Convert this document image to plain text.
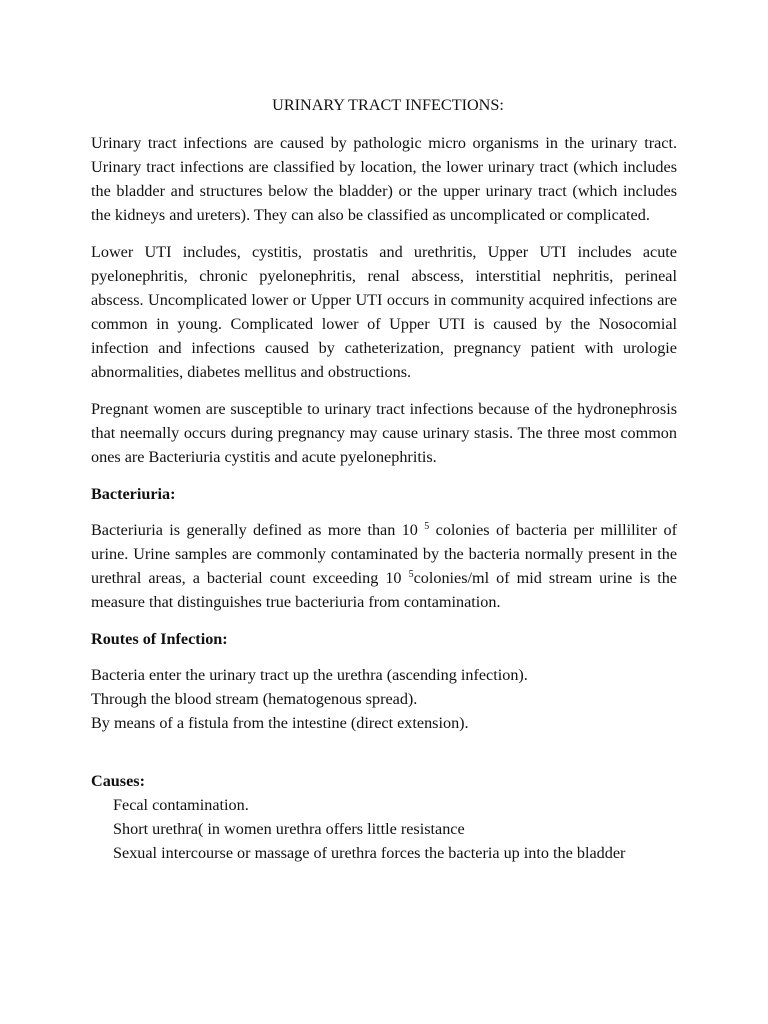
URINARY TRACT INFECTIONS:

Urinary tract infections are caused by pathologic micro organisms in the urinary tract. Urinary tract infections are classified by location, the lower urinary tract (which includes the bladder and structures below the bladder) or the upper urinary tract (which includes the kidneys and ureters). They can also be classified as uncomplicated or complicated.

Lower UTI includes, cystitis, prostatis and urethritis, Upper UTI includes acute pyelonephritis, chronic pyelonephritis, renal abscess, interstitial nephritis, perineal abscess. Uncomplicated lower or Upper UTI occurs in community acquired infections are common in young. Complicated lower of Upper UTI is caused by the Nosocomial infection and infections caused by catheterization, pregnancy patient with urologie abnormalities, diabetes mellitus and obstructions.

Pregnant women are susceptible to urinary tract infections because of the hydronephrosis that neemally occurs during pregnancy may cause urinary stasis. The three most common ones are Bacteriuria cystitis and acute pyelonephritis.

Bacteriuria:

Bacteriuria is generally defined as more than 10 $^5$ colonies of bacteria per milliliter of urine. Urine samples are commonly contaminated by the bacteria normally present in the urethral areas, a bacterial count exceeding 10 $^5$colonies/ml of mid stream urine is the measure that distinguishes true bacteriuria from contamination.

Routes of Infection:
Bacteria enter the urinary tract up the urethra (ascending infection).
Through the blood stream (hematogenous spread).
By means of a fistula from the intestine (direct extension).
Causes:
Fecal contamination.
Short urethra( in women urethra offers little resistance
Sexual intercourse or massage of urethra forces the bacteria up into the bladder
